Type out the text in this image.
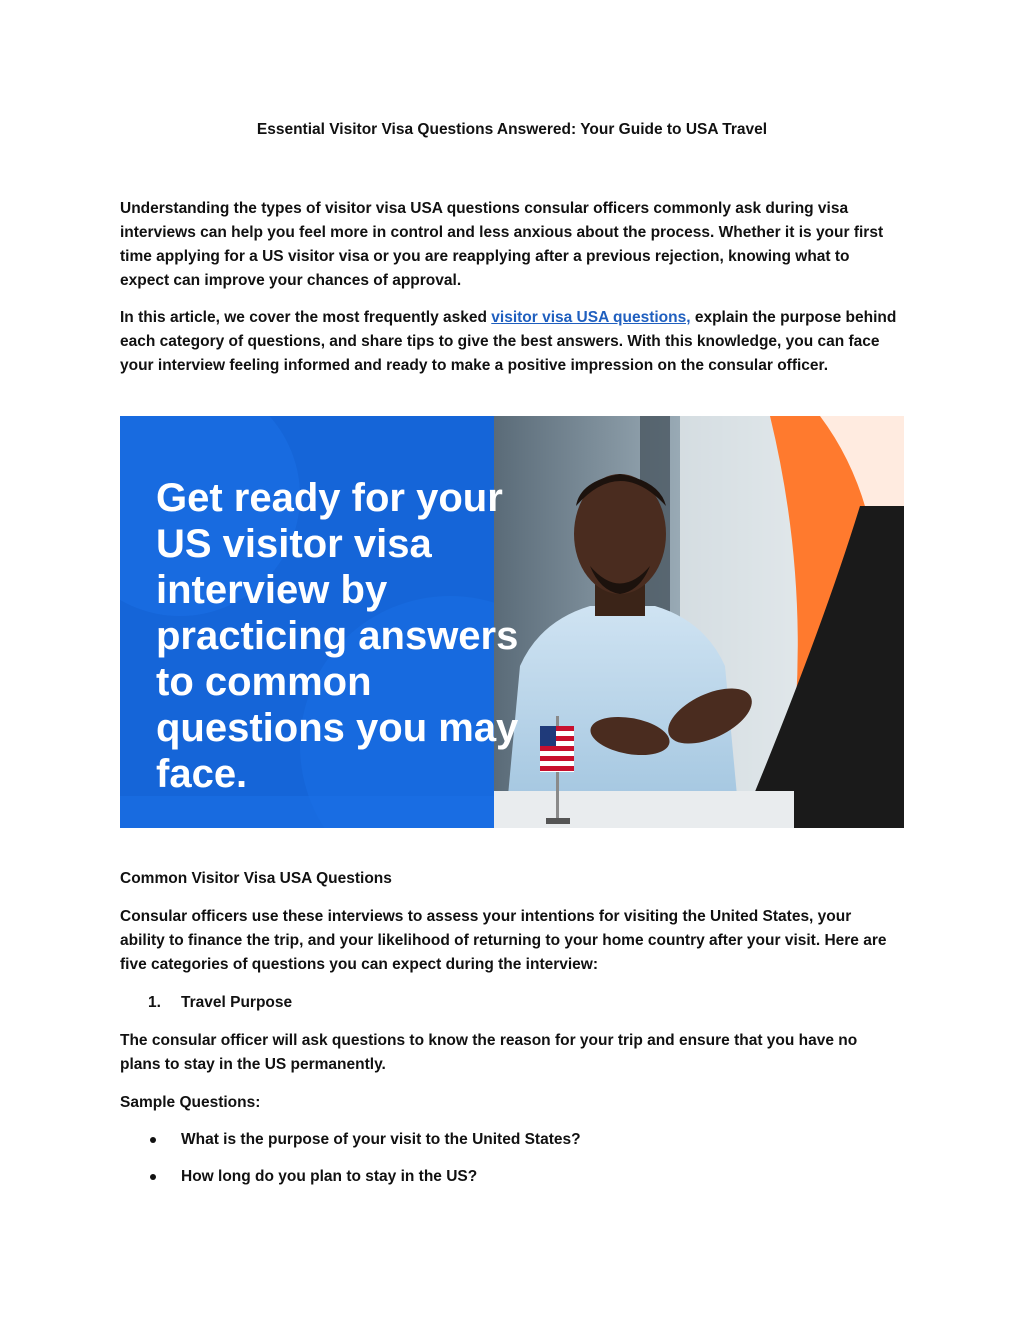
Essential Visitor Visa Questions Answered: Your Guide to USA Travel

Understanding the types of visitor visa USA questions consular officers commonly ask during visa interviews can help you feel more in control and less anxious about the process. Whether it is your first time applying for a US visitor visa or you are reapplying after a previous rejection, knowing what to expect can improve your chances of approval.

In this article, we cover the most frequently asked visitor visa USA questions, explain the purpose behind each category of questions, and share tips to give the best answers. With this knowledge, you can face your interview feeling informed and ready to make a positive impression on the consular officer.

Get ready for your
US visitor visa
interview by
practicing answers
to common
questions you may
face.
Common Visitor Visa USA Questions

Consular officers use these interviews to assess your intentions for visiting the United States, your ability to finance the trip, and your likelihood of returning to your home country after your visit. Here are five categories of questions you can expect during the interview:

1. Travel Purpose

The consular officer will ask questions to know the reason for your trip and ensure that you have no plans to stay in the US permanently.

Sample Questions:

What is the purpose of your visit to the United States?
How long do you plan to stay in the US?
